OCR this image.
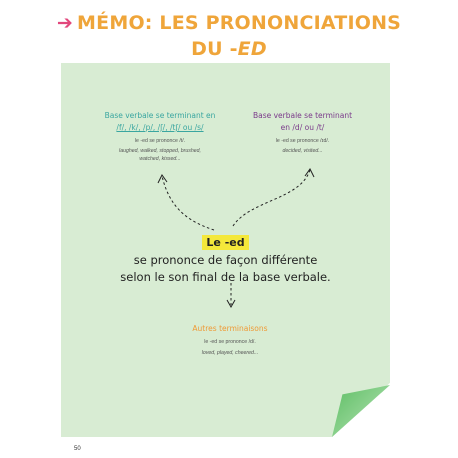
➔ MÉMO: LES PRONONCIATIONS
DU -ED
Base verbale se terminant en
/f/, /k/, /p/, /ʃ/, /tʃ/ ou /s/
le -ed se prononce /t/.
laughed, walked, stopped, brushed,
watched, kissed...
Base verbale se terminant
en /d/ ou /t/
le -ed se prononce /ɪd/.
decided, visited...
Le -ed
se prononce de façon différente
selon le son final de la base verbale.
Autres terminaisons
le -ed se prononce /d/.
loved, played, cheered...
50
